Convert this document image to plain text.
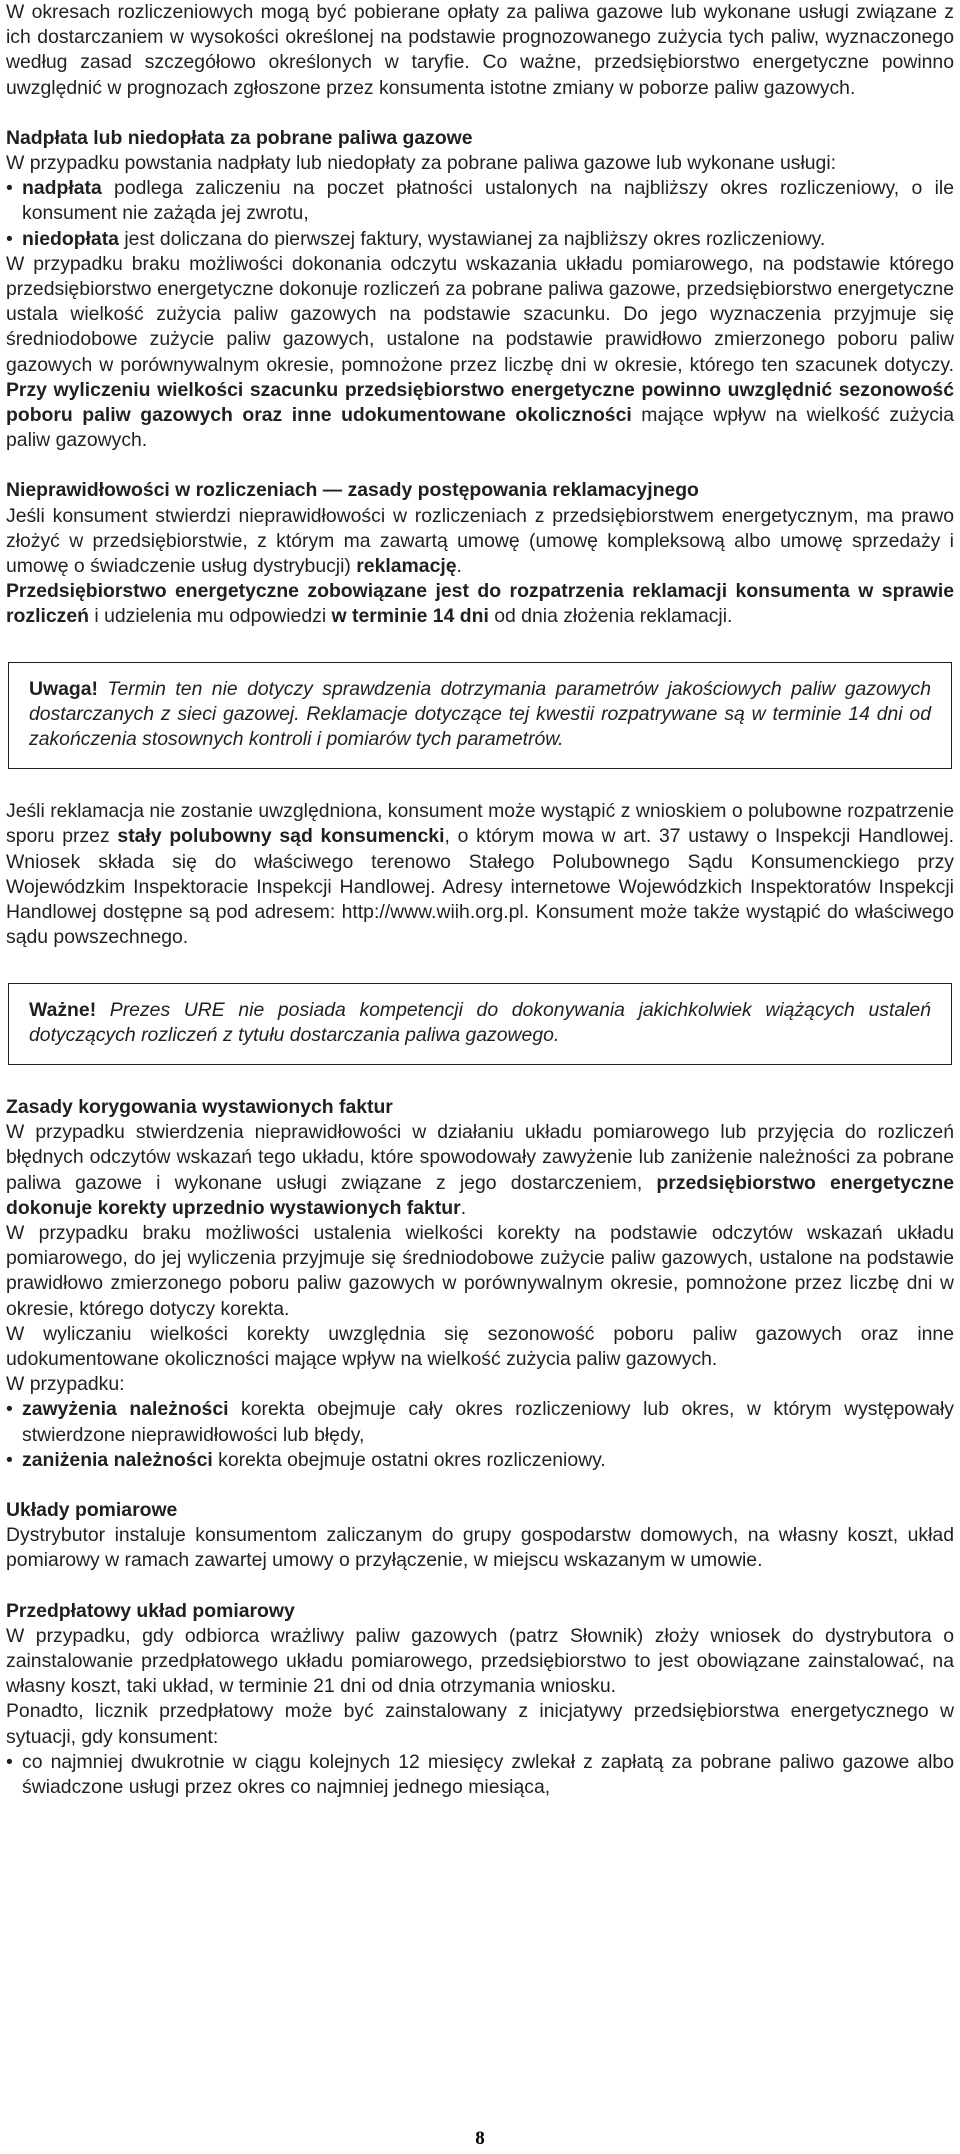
W okresach rozliczeniowych mogą być pobierane opłaty za paliwa gazowe lub wykonane usługi związane z ich dostarczaniem w wysokości określonej na podstawie prognozowanego zużycia tych paliw, wyznaczonego według zasad szczegółowo określonych w taryfie. Co ważne, przedsiębiorstwo energetyczne powinno uwzględnić w prognozach zgłoszone przez konsumenta istotne zmiany w poborze paliw gazowych.

Nadpłata lub niedopłata za pobrane paliwa gazowe

W przypadku powstania nadpłaty lub niedopłaty za pobrane paliwa gazowe lub wykonane usługi:

• nadpłata podlega zaliczeniu na poczet płatności ustalonych na najbliższy okres rozliczeniowy, o ile konsument nie zażąda jej zwrotu,
• niedopłata jest doliczana do pierwszej faktury, wystawianej za najbliższy okres rozliczeniowy.

W przypadku braku możliwości dokonania odczytu wskazania układu pomiarowego, na podstawie którego przedsiębiorstwo energetyczne dokonuje rozliczeń za pobrane paliwa gazowe, przedsiębiorstwo energetyczne ustala wielkość zużycia paliw gazowych na podstawie szacunku. Do jego wyznaczenia przyjmuje się średniodobowe zużycie paliw gazowych, ustalone na podstawie prawidłowo zmierzonego poboru paliw gazowych w porównywalnym okresie, pomnożone przez liczbę dni w okresie, którego ten szacunek dotyczy. Przy wyliczeniu wielkości szacunku przedsiębiorstwo energetyczne powinno uwzględnić sezonowość poboru paliw gazowych oraz inne udokumentowane okoliczności mające wpływ na wielkość zużycia paliw gazowych.

Nieprawidłowości w rozliczeniach — zasady postępowania reklamacyjnego

Jeśli konsument stwierdzi nieprawidłowości w rozliczeniach z przedsiębiorstwem energetycznym, ma prawo złożyć w przedsiębiorstwie, z którym ma zawartą umowę (umowę kompleksową albo umowę sprzedaży i umowę o świadczenie usług dystrybucji) reklamację.

Przedsiębiorstwo energetyczne zobowiązane jest do rozpatrzenia reklamacji konsumenta w sprawie rozliczeń i udzielenia mu odpowiedzi w terminie 14 dni od dnia złożenia reklamacji.

Uwaga! Termin ten nie dotyczy sprawdzenia dotrzymania parametrów jakościowych paliw gazowych dostarczanych z sieci gazowej. Reklamacje dotyczące tej kwestii rozpatrywane są w terminie 14 dni od zakończenia stosownych kontroli i pomiarów tych parametrów.

Jeśli reklamacja nie zostanie uwzględniona, konsument może wystąpić z wnioskiem o polubowne rozpatrzenie sporu przez stały polubowny sąd konsumencki, o którym mowa w art. 37 ustawy o Inspekcji Handlowej. Wniosek składa się do właściwego terenowo Stałego Polubownego Sądu Konsumenckiego przy Wojewódzkim Inspektoracie Inspekcji Handlowej. Adresy internetowe Wojewódzkich Inspektoratów Inspekcji Handlowej dostępne są pod adresem: http://www.wiih.org.pl. Konsument może także wystąpić do właściwego sądu powszechnego.

Ważne! Prezes URE nie posiada kompetencji do dokonywania jakichkolwiek wiążących ustaleń dotyczących rozliczeń z tytułu dostarczania paliwa gazowego.

Zasady korygowania wystawionych faktur

W przypadku stwierdzenia nieprawidłowości w działaniu układu pomiarowego lub przyjęcia do rozliczeń błędnych odczytów wskazań tego układu, które spowodowały zawyżenie lub zaniżenie należności za pobrane paliwa gazowe i wykonane usługi związane z jego dostarczeniem, przedsiębiorstwo energetyczne dokonuje korekty uprzednio wystawionych faktur.

W przypadku braku możliwości ustalenia wielkości korekty na podstawie odczytów wskazań układu pomiarowego, do jej wyliczenia przyjmuje się średniodobowe zużycie paliw gazowych, ustalone na podstawie prawidłowo zmierzonego poboru paliw gazowych w porównywalnym okresie, pomnożone przez liczbę dni w okresie, którego dotyczy korekta.

W wyliczaniu wielkości korekty uwzględnia się sezonowość poboru paliw gazowych oraz inne udokumentowane okoliczności mające wpływ na wielkość zużycia paliw gazowych.

W przypadku:

• zawyżenia należności korekta obejmuje cały okres rozliczeniowy lub okres, w którym występowały stwierdzone nieprawidłowości lub błędy,
• zaniżenia należności korekta obejmuje ostatni okres rozliczeniowy.
Układy pomiarowe

Dystrybutor instaluje konsumentom zaliczanym do grupy gospodarstw domowych, na własny koszt, układ pomiarowy w ramach zawartej umowy o przyłączenie, w miejscu wskazanym w umowie.

Przedpłatowy układ pomiarowy

W przypadku, gdy odbiorca wrażliwy paliw gazowych (patrz Słownik) złoży wniosek do dystrybutora o zainstalowanie przedpłatowego układu pomiarowego, przedsiębiorstwo to jest obowiązane zainstalować, na własny koszt, taki układ, w terminie 21 dni od dnia otrzymania wniosku.

Ponadto, licznik przedpłatowy może być zainstalowany z inicjatywy przedsiębiorstwa energetycznego w sytuacji, gdy konsument:

• co najmniej dwukrotnie w ciągu kolejnych 12 miesięcy zwlekał z zapłatą za pobrane paliwo gazowe albo świadczone usługi przez okres co najmniej jednego miesiąca,
8
